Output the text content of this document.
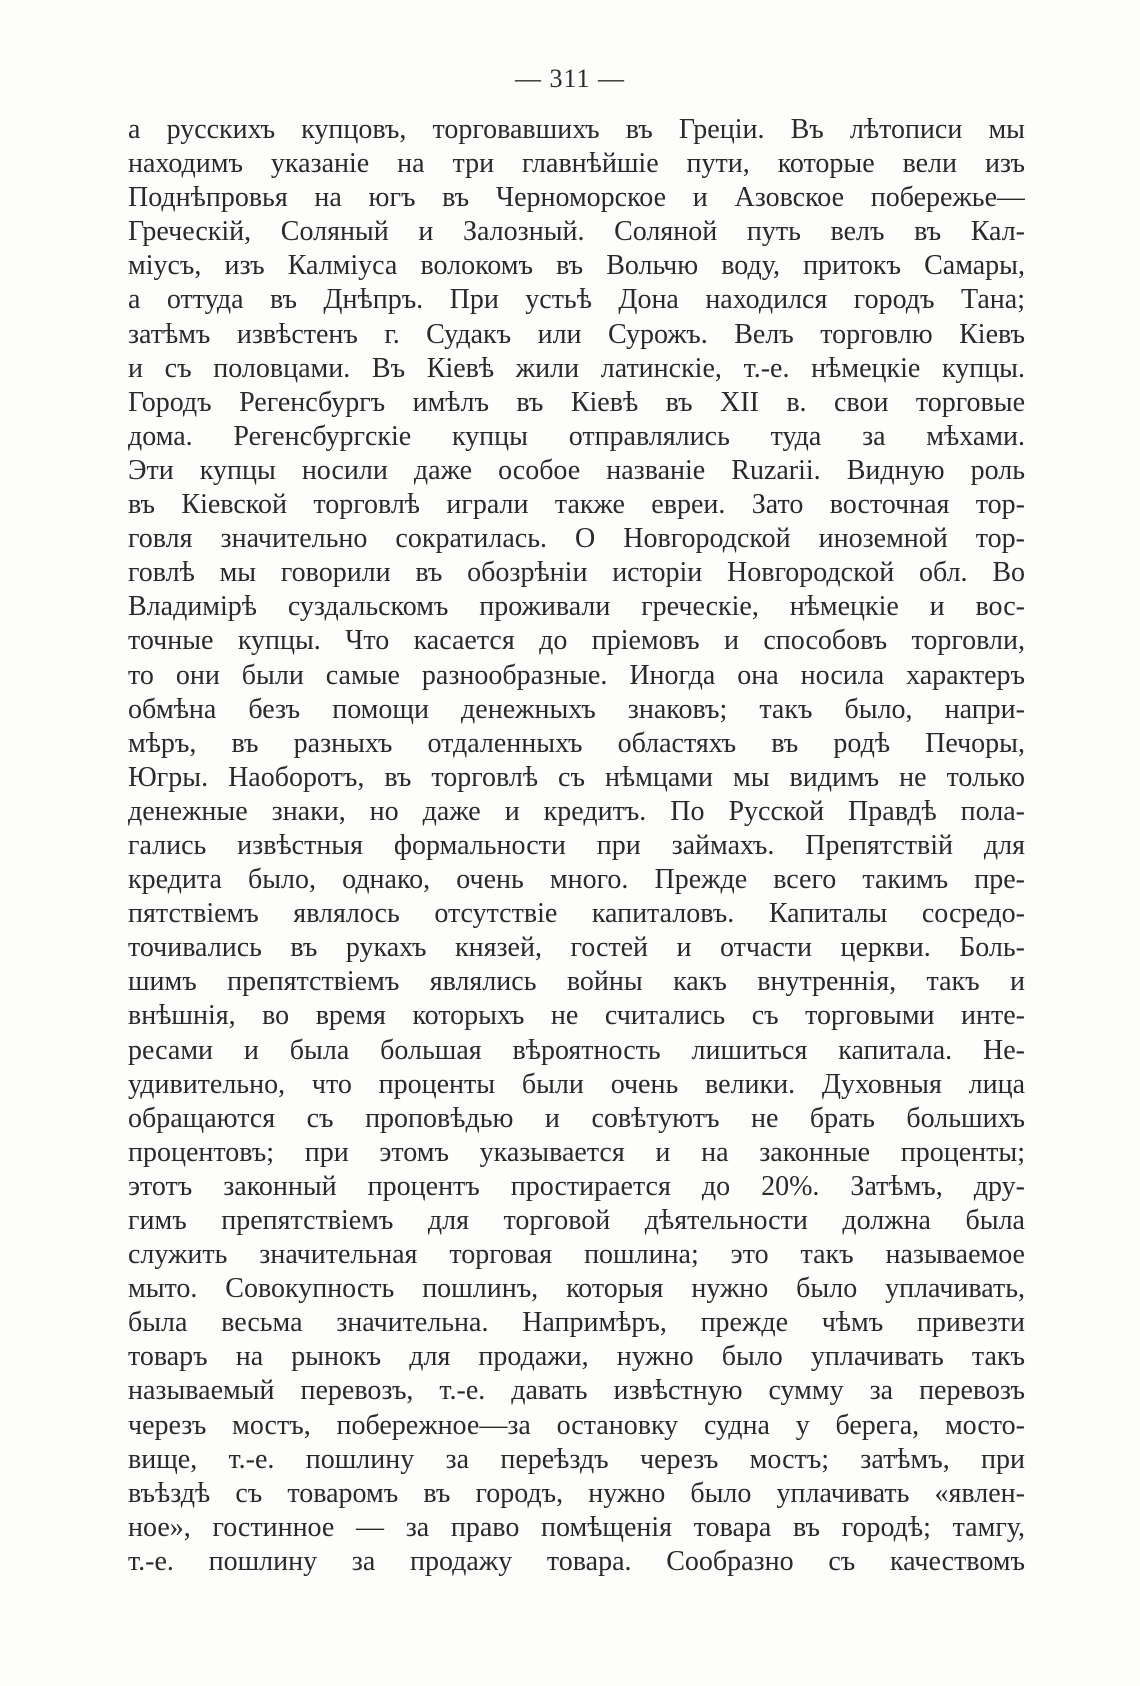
— 311 —
а русскихъ купцовъ, торговавшихъ въ Греціи. Въ лѣтописи мы
находимъ указаніе на три главнѣйшіе пути, которые вели изъ
Поднѣпровья на югъ въ Черноморское и Азовское побережье—
Греческій, Соляный и Залозный. Соляной путь велъ въ Кал-
міусъ, изъ Калміуса волокомъ въ Вольчю воду, притокъ Самары,
а оттуда въ Днѣпръ. При устьѣ Дона находился городъ Тана;
затѣмъ извѣстенъ г. Судакъ или Сурожъ. Велъ торговлю Кіевъ
и съ половцами. Въ Кіевѣ жили латинскіе, т.-е. нѣмецкіе купцы.
Городъ Регенсбургъ имѣлъ въ Кіевѣ въ XII в. свои торговые
дома. Регенсбургскіе купцы отправлялись туда за мѣхами.
Эти купцы носили даже особое названіе Ruzarii. Видную роль
въ Кіевской торговлѣ играли также евреи. Зато восточная тор-
говля значительно сократилась. О Новгородской иноземной тор-
говлѣ мы говорили въ обозрѣніи исторіи Новгородской обл. Во
Владимірѣ суздальскомъ проживали греческіе, нѣмецкіе и вос-
точные купцы. Что касается до пріемовъ и способовъ торговли,
то они были самые разнообразные. Иногда она носила характеръ
обмѣна безъ помощи денежныхъ знаковъ; такъ было, напри-
мѣръ, въ разныхъ отдаленныхъ областяхъ въ родѣ Печоры,
Югры. Наоборотъ, въ торговлѣ съ нѣмцами мы видимъ не только
денежные знаки, но даже и кредитъ. По Русской Правдѣ пола-
гались извѣстныя формальности при займахъ. Препятствій для
кредита было, однако, очень много. Прежде всего такимъ пре-
пятствіемъ являлось отсутствіе капиталовъ. Капиталы сосредо-
точивались въ рукахъ князей, гостей и отчасти церкви. Боль-
шимъ препятствіемъ являлись войны какъ внутреннія, такъ и
внѣшнія, во время которыхъ не считались съ торговыми инте-
ресами и была большая вѣроятность лишиться капитала. Не-
удивительно, что проценты были очень велики. Духовныя лица
обращаются съ проповѣдью и совѣтуютъ не брать большихъ
процентовъ; при этомъ указывается и на законные проценты;
этотъ законный процентъ простирается до 20%. Затѣмъ, дру-
гимъ препятствіемъ для торговой дѣятельности должна была
служить значительная торговая пошлина; это такъ называемое
мыто. Совокупность пошлинъ, которыя нужно было уплачивать,
была весьма значительна. Напримѣръ, прежде чѣмъ привезти
товаръ на рынокъ для продажи, нужно было уплачивать такъ
называемый перевозъ, т.-е. давать извѣстную сумму за перевозъ
черезъ мостъ, побережное—за остановку судна у берега, мосто-
вище, т.-е. пошлину за переѣздъ черезъ мостъ; затѣмъ, при
въѣздѣ съ товаромъ въ городъ, нужно было уплачивать «явлен-
ное», гостинное — за право помѣщенія товара въ городѣ; тамгу,
т.-е. пошлину за продажу товара. Сообразно съ качествомъ
